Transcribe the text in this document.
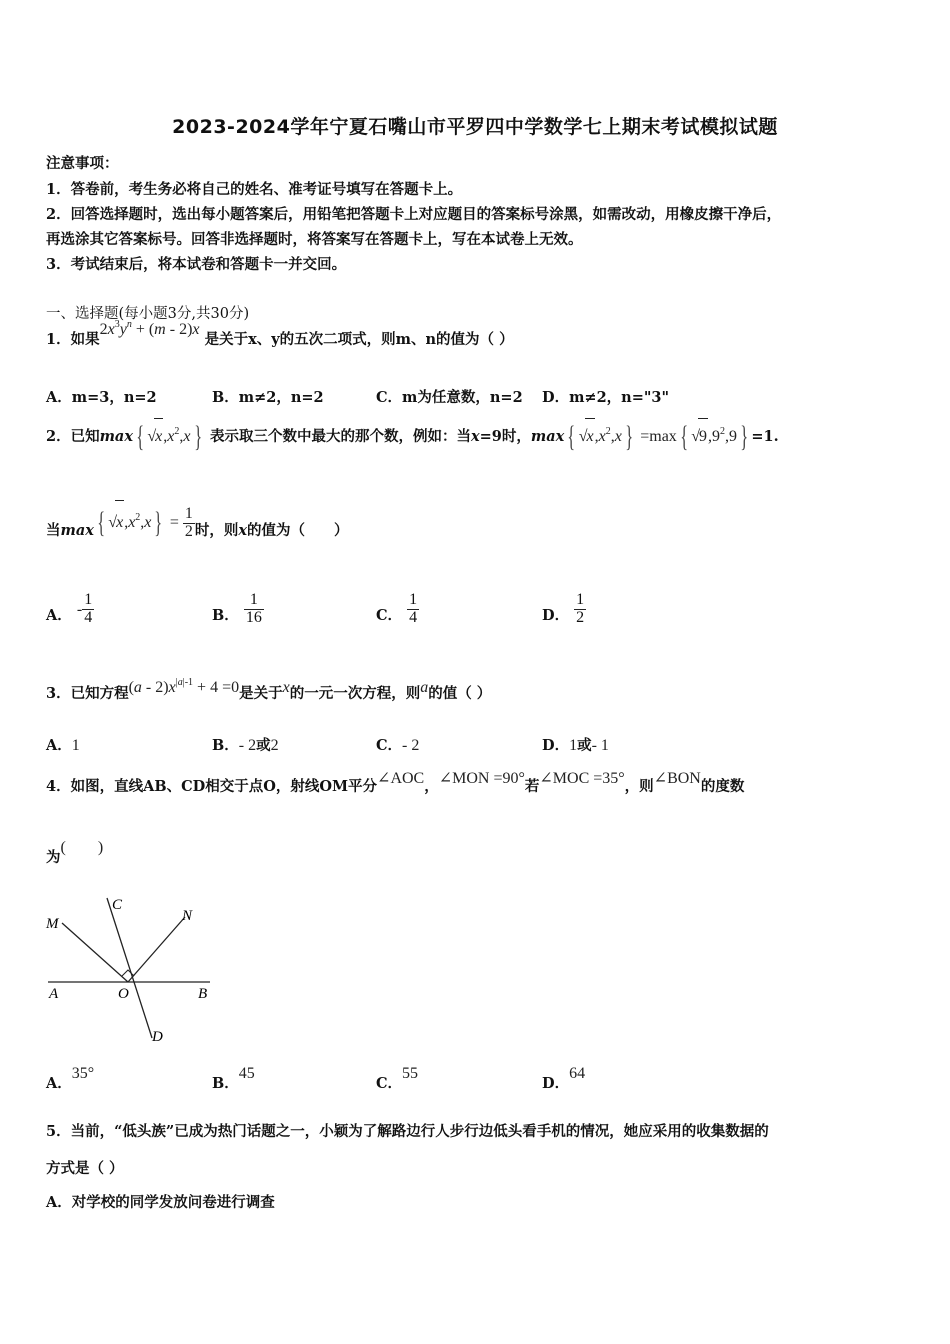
2023-2024学年宁夏石嘴山市平罗四中学数学七上期末考试模拟试题
注意事项：
1．答卷前，考生务必将自己的姓名、准考证号填写在答题卡上。
2．回答选择题时，选出每小题答案后，用铅笔把答题卡上对应题目的答案标号涂黑，如需改动，用橡皮擦干净后，
再选涂其它答案标号。回答非选择题时，将答案写在答题卡上，写在本试卷上无效。
3．考试结束后，将本试卷和答题卡一并交回。
一、选择题(每小题3分,共30分)
1．如果$2x^3y^n + (m - 2)x$ 是关于x、y的五次二项式，则m、n的值为（ ）
A．m=3，n=2	B．m≠2，n=2	C．m为任意数，n=2 D．m≠2，n="3"
2．已知max { $√x,x^2,x$ } 表示取三个数中最大的那个数，例如：当x=9时，max { $√x,x^2,x$ } =max { $√9,9^2,9$ } =1.
当max { $√x,x^2,x$ } = $\frac{1}{2}$ 时，则x的值为（　　）
A． - $\frac{1}{4}$	B． $\frac{1}{16}$	C． $\frac{1}{4}$	D． $\frac{1}{2}$
3．已知方程$(a - 2)x^{|a|-1} + 4 =0$是关于x的一元一次方程，则a的值（ ）
A．1	B．- 2或2	C．- 2	D．1或- 1
4．如图，直线AB、CD相交于点O，射线OM平分∠AOC，∠MON =90°若∠MOC =35°，则∠BON的度数
为(　　)
M
C
N
A	O	B
D
A．35°
B．45
C．55
D．64
5．当前，“低头族”已成为热门话题之一，小颖为了解路边行人步行边低头看手机的情况，她应采用的收集数据的
方式是（ ）
A．对学校的同学发放问卷进行调查
